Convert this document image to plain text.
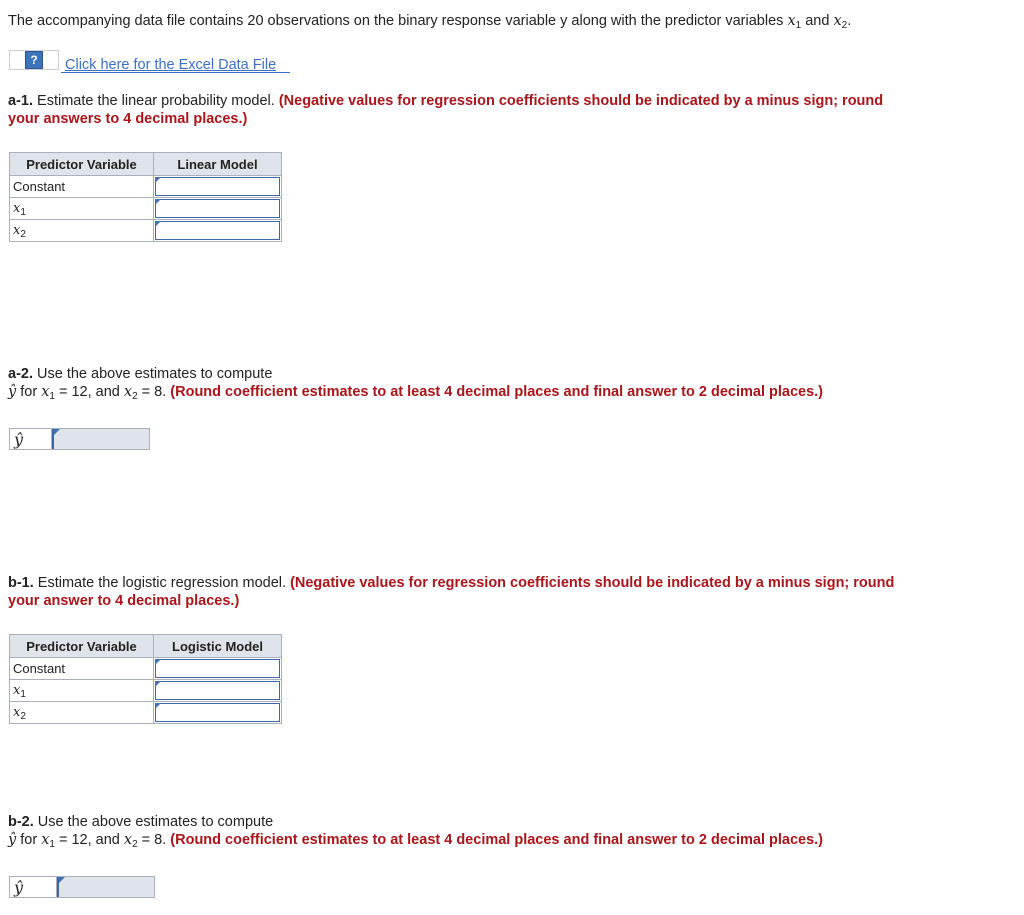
The accompanying data file contains 20 observations on the binary response variable y along with the predictor variables $x_1$ and $x_2$.
?	Click here for the Excel Data File
a-1. Estimate the linear probability model. (Negative values for regression coefficients should be indicated by a minus sign; round
your answers to 4 decimal places.)
Predictor Variable	Linear Model
Constant	

$x_1$	

$x_2$	
a-2. Use the above estimates to compute
ŷ for $x_1 = 12$, and $x_2 = 8$. (Round coefficient estimates to at least 4 decimal places and final answer to 2 decimal places.)
ŷ
b-1. Estimate the logistic regression model. (Negative values for regression coefficients should be indicated by a minus sign; round
your answer to 4 decimal places.)
Predictor Variable	Logistic Model
Constant	

$x_1$	

$x_2$	
b-2. Use the above estimates to compute
ŷ for $x_1 = 12$, and $x_2 = 8$. (Round coefficient estimates to at least 4 decimal places and final answer to 2 decimal places.)
ŷ
